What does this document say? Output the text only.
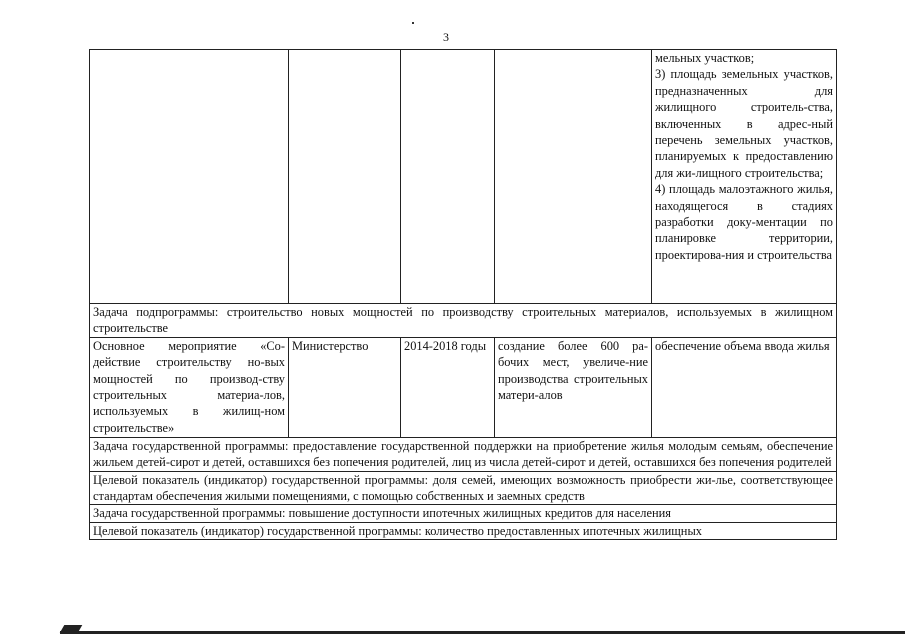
3
				мельных участков;
3) площадь земельных участков, предназначенных для жилищного строитель-ства, включенных в адрес-ный перечень земельных участков, планируемых к предоставлению для жи-лищного строительства;
4) площадь малоэтажного жилья, находящегося в стадиях разработки доку-ментации по планировке территории, проектирова-ния и строительства
Задача подпрограммы: строительство новых мощностей по производству строительных материалов, используемых в жилищном строительстве				
Основное мероприятие «Со-действие строительству но-вых мощностей по производ-ству строительных материа-лов, используемых в жилищ-ном строительстве»	Министерство	2014-2018 годы	создание более 600 ра-бочих мест, увеличе-ние производства строительных матери-алов	обеспечение объема ввода жилья
Задача государственной программы: предоставление государственной поддержки на приобретение жилья молодым семьям, обеспечение жильем детей-сирот и детей, оставшихся без попечения родителей, лиц из числа детей-сирот и детей, оставшихся без попечения родителей				
Целевой показатель (индикатор) государственной программы: доля семей, имеющих возможность приобрести жи-лье, соответствующее стандартам обеспечения жилыми помещениями, с помощью собственных и заемных средств				
Задача государственной программы: повышение доступности ипотечных жилищных кредитов для населения				
Целевой показатель (индикатор) государственной программы: количество предоставленных ипотечных жилищных				
